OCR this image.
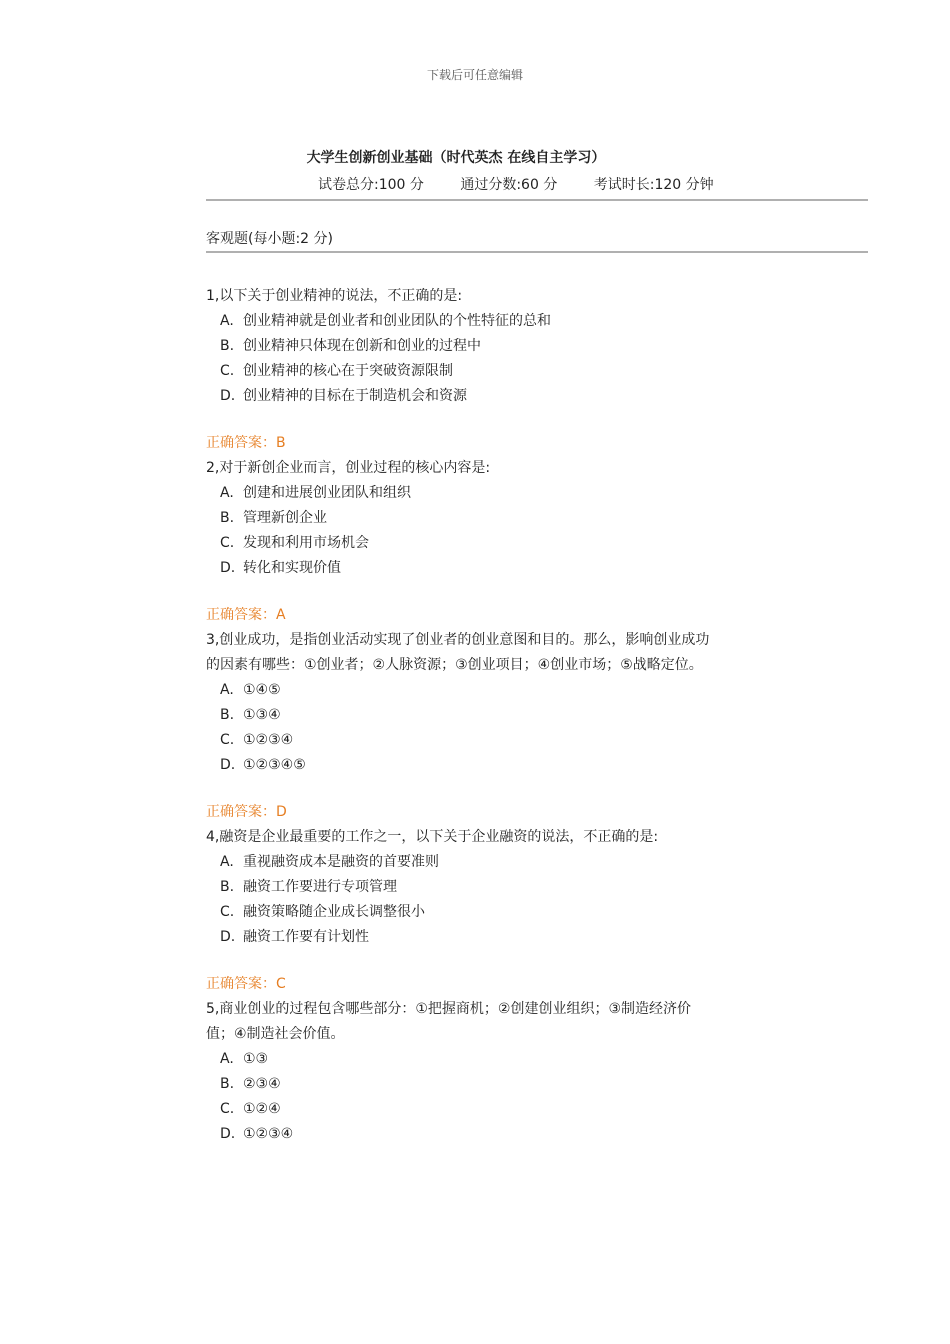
下载后可任意编辑
大学生创新创业基础（时代英杰 在线自主学习）
试卷总分:100 分	通过分数:60 分	考试时长:120 分钟
客观题(每小题:2 分)

1,以下关于创业精神的说法，不正确的是:

A. 创业精神就是创业者和创业团队的个性特征的总和
B. 创业精神只体现在创新和创业的过程中
C. 创业精神的核心在于突破资源限制
D. 创业精神的目标在于制造机会和资源
正确答案：B

2,对于新创企业而言，创业过程的核心内容是:

A. 创建和进展创业团队和组织
B. 管理新创企业
C. 发现和利用市场机会
D. 转化和实现价值
正确答案：A

3,创业成功，是指创业活动实现了创业者的创业意图和目的。那么，影响创业成功的因素有哪些：①创业者；②人脉资源；③创业项目；④创业市场；⑤战略定位。

A. ①④⑤
B. ①③④
C. ①②③④
D. ①②③④⑤
正确答案：D

4,融资是企业最重要的工作之一，以下关于企业融资的说法，不正确的是:

A. 重视融资成本是融资的首要准则
B. 融资工作要进行专项管理
C. 融资策略随企业成长调整很小
D. 融资工作要有计划性
正确答案：C

5,商业创业的过程包含哪些部分：①把握商机；②创建创业组织；③制造经济价值；④制造社会价值。

A. ①③
B. ②③④
C. ①②④
D. ①②③④
